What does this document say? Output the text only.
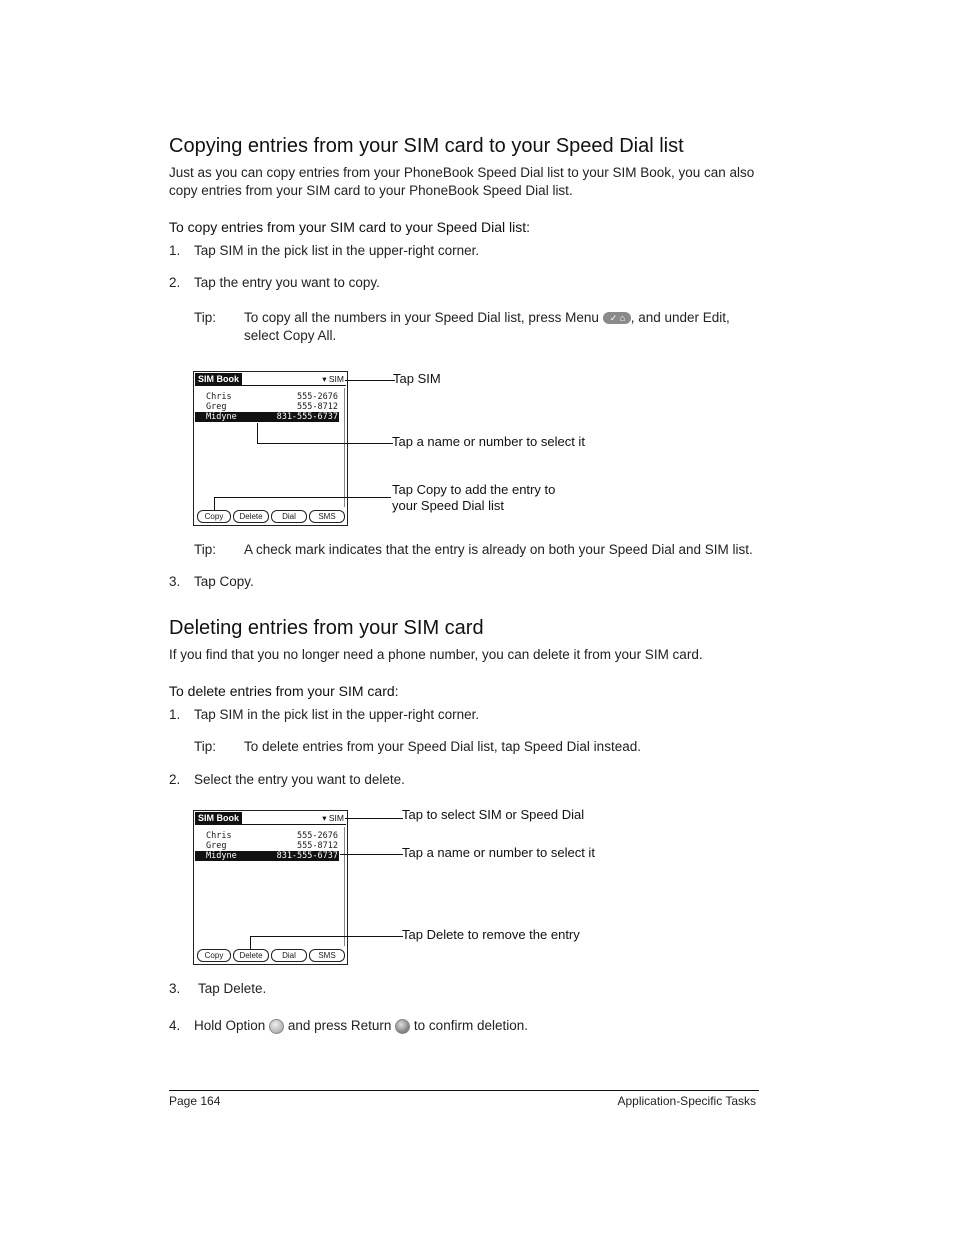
Copying entries from your SIM card to your Speed Dial list
Just as you can copy entries from your PhoneBook Speed Dial list to your SIM Book, you can also
copy entries from your SIM card to your PhoneBook Speed Dial list.
To copy entries from your SIM card to your Speed Dial list:
1. Tap SIM in the pick list in the upper-right corner.
2. Tap the entry you want to copy.
Tip: To copy all the numbers in your Speed Dial list, press Menu ✓ ⌂ , and under Edit,
select Copy All.
SIM Book	▾ SIM
Chris	555-2676
Greg	555-8712
Midyne	831-555-6737
Copy	Delete	Dial	SMS
Tap SIM
Tap a name or number to select it
Tap Copy to add the entry to
your Speed Dial list
Tip: A check mark indicates that the entry is already on both your Speed Dial and SIM list.
3. Tap Copy.
Deleting entries from your SIM card
If you find that you no longer need a phone number, you can delete it from your SIM card.
To delete entries from your SIM card:
1. Tap SIM in the pick list in the upper-right corner.
Tip: To delete entries from your Speed Dial list, tap Speed Dial instead.
2. Select the entry you want to delete.
SIM Book	▾ SIM
Chris	555-2676
Greg	555-8712
Midyne	831-555-6737
Copy	Delete	Dial	SMS
Tap to select SIM or Speed Dial
Tap a name or number to select it
Tap Delete to remove the entry
3. Tap Delete.
4. Hold Option and press Return to confirm deletion.
Page 164	Application-Specific Tasks
